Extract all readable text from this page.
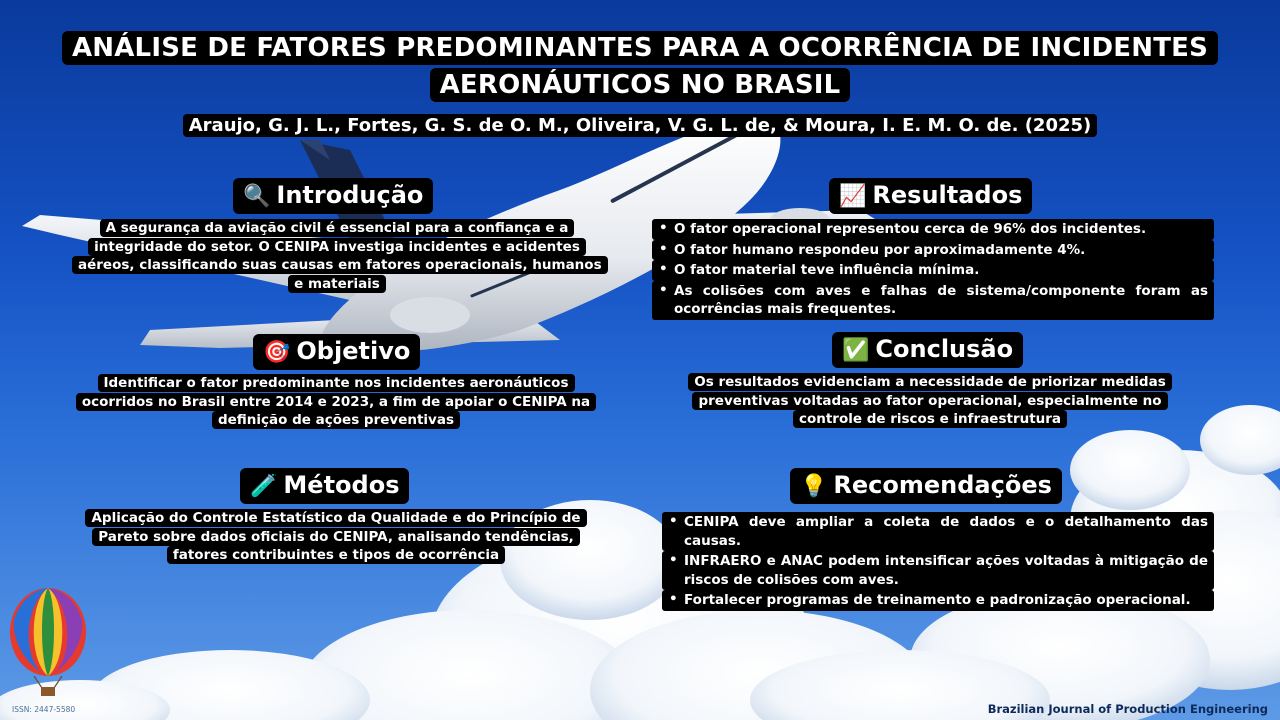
ANÁLISE DE FATORES PREDOMINANTES PARA A OCORRÊNCIA DE INCIDENTES
AERONÁUTICOS NO BRASIL
Araujo, G. J. L., Fortes, G. S. de O. M., Oliveira, V. G. L. de, & Moura, I. E. M. O. de. (2025)
🔍 Introdução
A segurança da aviação civil é essencial para a confiança e a integridade do setor. O CENIPA investiga incidentes e acidentes aéreos, classificando suas causas em fatores operacionais, humanos e materiais
🎯 Objetivo
Identificar o fator predominante nos incidentes aeronáuticos ocorridos no Brasil entre 2014 e 2023, a fim de apoiar o CENIPA na definição de ações preventivas
🧪 Métodos
Aplicação do Controle Estatístico da Qualidade e do Princípio de Pareto sobre dados oficiais do CENIPA, analisando tendências, fatores contribuintes e tipos de ocorrência
📈 Resultados
• O fator operacional representou cerca de 96% dos incidentes.
• O fator humano respondeu por aproximadamente 4%.
• O fator material teve influência mínima.
• As colisões com aves e falhas de sistema/componente foram as ocorrências mais frequentes.
✅ Conclusão
Os resultados evidenciam a necessidade de priorizar medidas preventivas voltadas ao fator operacional, especialmente no controle de riscos e infraestrutura
💡 Recomendações
• CENIPA deve ampliar a coleta de dados e o detalhamento das causas.
• INFRAERO e ANAC podem intensificar ações voltadas à mitigação de riscos de colisões com aves.
• Fortalecer programas de treinamento e padronização operacional.
ISSN: 2447-5580	Brazilian Journal of Production Engineering
